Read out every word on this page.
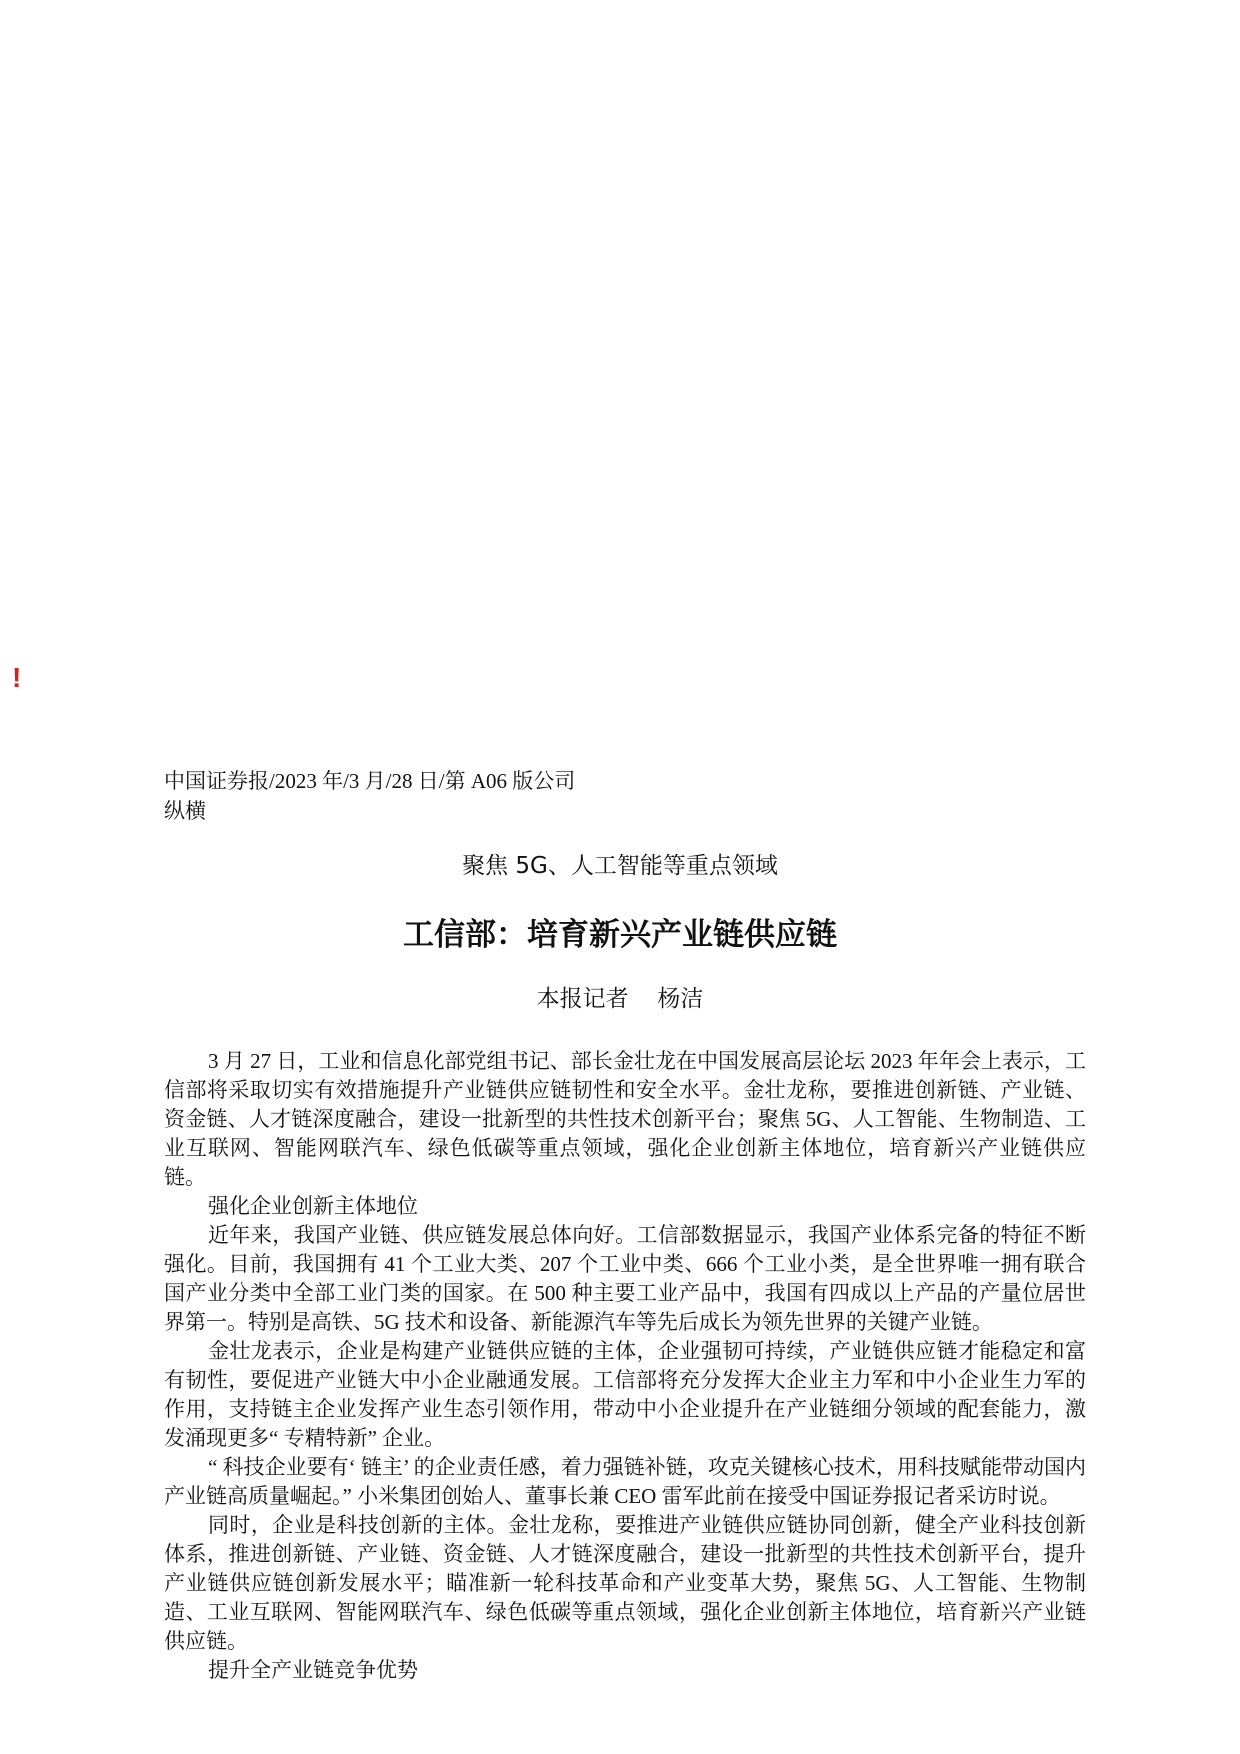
!
中国证券报/2023 年/3 月/28 日/第 A06 版公司纵横
聚焦 5G、人工智能等重点领域
工信部：培育新兴产业链供应链
本报记者     杨洁

3 月 27 日，工业和信息化部党组书记、部长金壮龙在中国发展高层论坛 2023 年年会上表示，工信部将采取切实有效措施提升产业链供应链韧性和安全水平。金壮龙称，要推进创新链、产业链、资金链、人才链深度融合，建设一批新型的共性技术创新平台；聚焦 5G、人工智能、生物制造、工业互联网、智能网联汽车、绿色低碳等重点领域，强化企业创新主体地位，培育新兴产业链供应链。

强化企业创新主体地位

近年来，我国产业链、供应链发展总体向好。工信部数据显示，我国产业体系完备的特征不断强化。目前，我国拥有 41 个工业大类、207 个工业中类、666 个工业小类，是全世界唯一拥有联合国产业分类中全部工业门类的国家。在 500 种主要工业产品中，我国有四成以上产品的产量位居世界第一。特别是高铁、5G 技术和设备、新能源汽车等先后成长为领先世界的关键产业链。

金壮龙表示，企业是构建产业链供应链的主体，企业强韧可持续，产业链供应链才能稳定和富有韧性，要促进产业链大中小企业融通发展。工信部将充分发挥大企业主力军和中小企业生力军的作用，支持链主企业发挥产业生态引领作用，带动中小企业提升在产业链细分领域的配套能力，激发涌现更多“ 专精特新” 企业。

“ 科技企业要有‘ 链主’ 的企业责任感，着力强链补链，攻克关键核心技术，用科技赋能带动国内产业链高质量崛起。” 小米集团创始人、董事长兼 CEO 雷军此前在接受中国证券报记者采访时说。

同时，企业是科技创新的主体。金壮龙称，要推进产业链供应链协同创新，健全产业科技创新体系，推进创新链、产业链、资金链、人才链深度融合，建设一批新型的共性技术创新平台，提升产业链供应链创新发展水平；瞄准新一轮科技革命和产业变革大势，聚焦 5G、人工智能、生物制造、工业互联网、智能网联汽车、绿色低碳等重点领域，强化企业创新主体地位，培育新兴产业链供应链。

提升全产业链竞争优势
